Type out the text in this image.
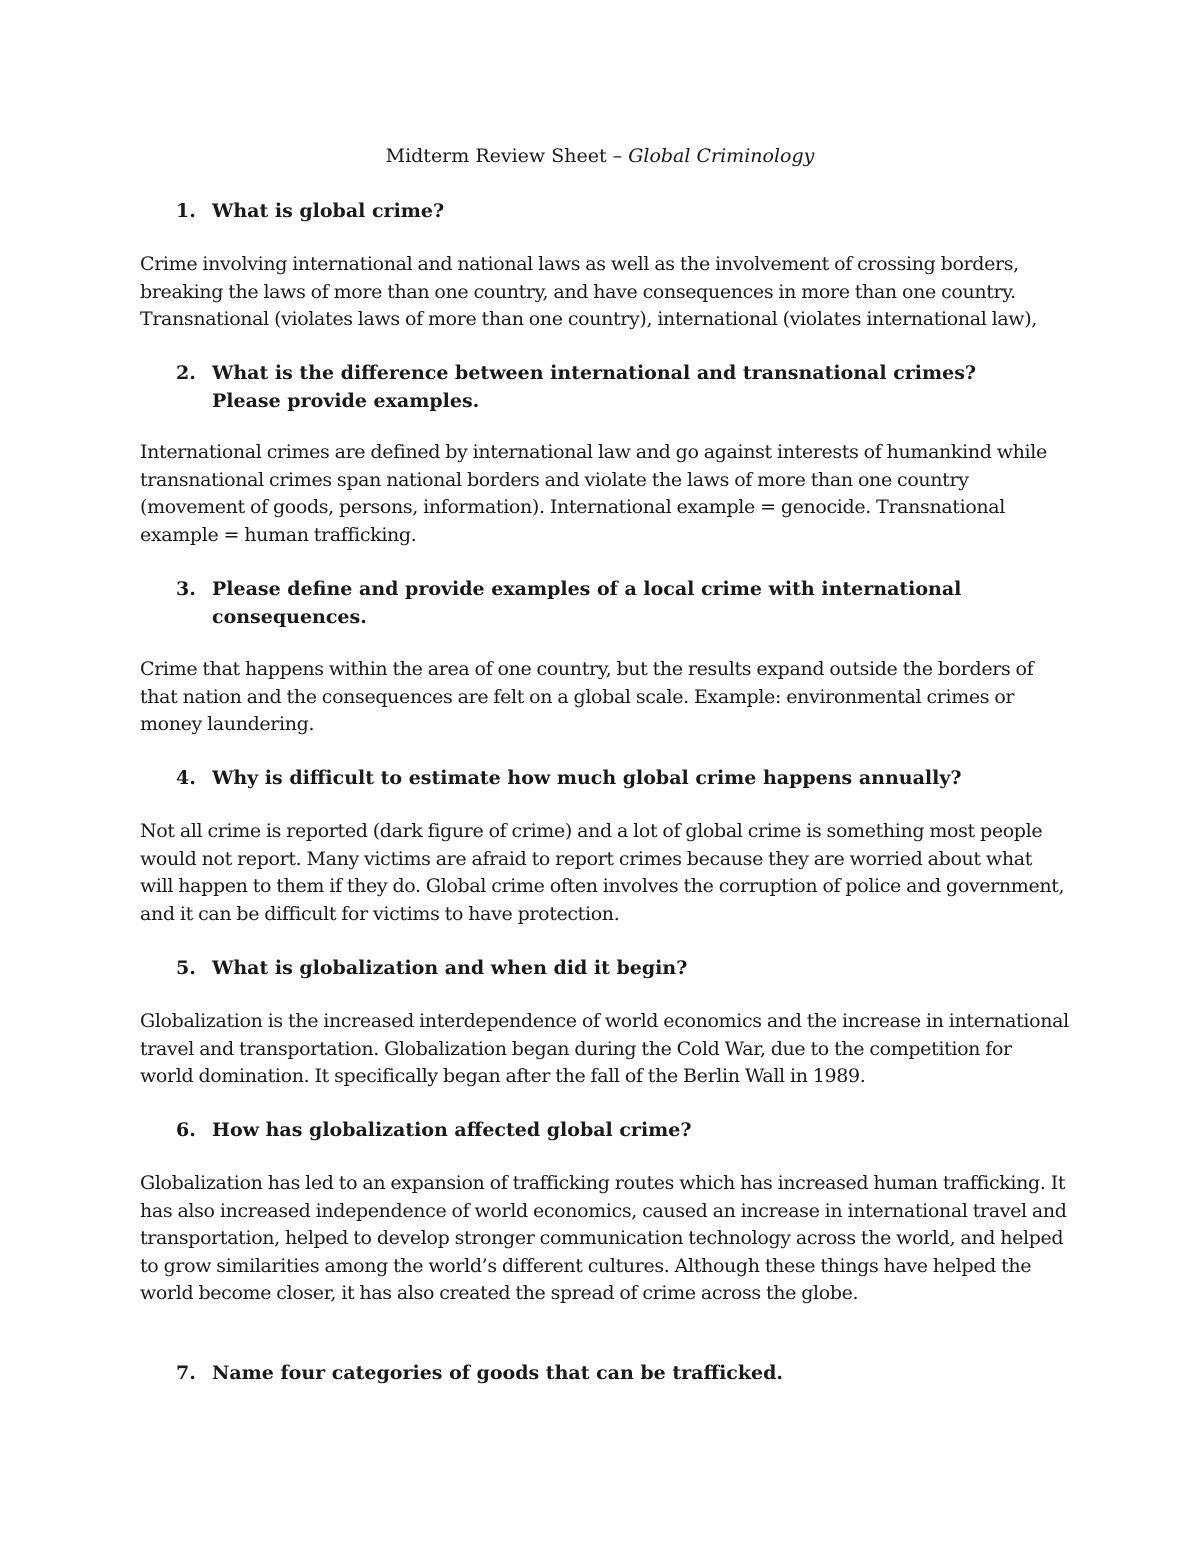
Midterm Review Sheet – Global Criminology
1. What is global crime?
Crime involving international and national laws as well as the involvement of crossing borders, breaking the laws of more than one country, and have consequences in more than one country. Transnational (violates laws of more than one country), international (violates international law),
2. What is the difference between international and transnational crimes? Please provide examples.
International crimes are defined by international law and go against interests of humankind while transnational crimes span national borders and violate the laws of more than one country (movement of goods, persons, information). International example = genocide. Transnational example = human trafficking.
3. Please define and provide examples of a local crime with international consequences.
Crime that happens within the area of one country, but the results expand outside the borders of that nation and the consequences are felt on a global scale. Example: environmental crimes or money laundering.
4. Why is difficult to estimate how much global crime happens annually?
Not all crime is reported (dark figure of crime) and a lot of global crime is something most people would not report. Many victims are afraid to report crimes because they are worried about what will happen to them if they do. Global crime often involves the corruption of police and government, and it can be difficult for victims to have protection.
5. What is globalization and when did it begin?
Globalization is the increased interdependence of world economics and the increase in international travel and transportation. Globalization began during the Cold War, due to the competition for world domination. It specifically began after the fall of the Berlin Wall in 1989.
6. How has globalization affected global crime?
Globalization has led to an expansion of trafficking routes which has increased human trafficking. It has also increased independence of world economics, caused an increase in international travel and transportation, helped to develop stronger communication technology across the world, and helped to grow similarities among the world’s different cultures. Although these things have helped the world become closer, it has also created the spread of crime across the globe.
7. Name four categories of goods that can be trafficked.
